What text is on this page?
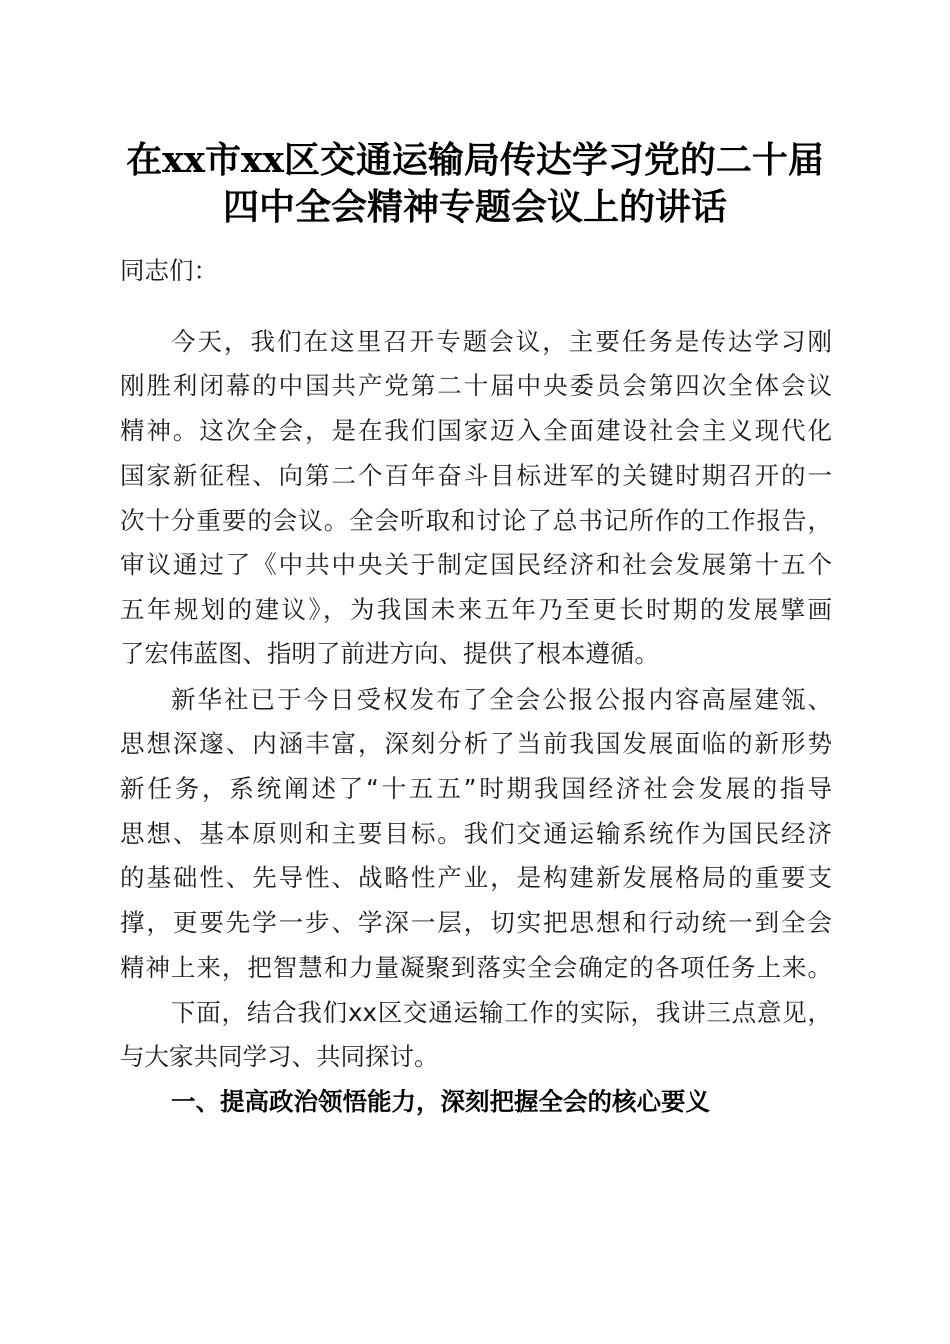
在xx市xx区交通运输局传达学习党的二十届
四中全会精神专题会议上的讲话
同志们：
今天，我们在这里召开专题会议，主要任务是传达学习刚
刚胜利闭幕的中国共产党第二十届中央委员会第四次全体会议
精神。这次全会，是在我们国家迈入全面建设社会主义现代化
国家新征程、向第二个百年奋斗目标进军的关键时期召开的一
次十分重要的会议。全会听取和讨论了总书记所作的工作报告，
审议通过了《中共中央关于制定国民经济和社会发展第十五个
五年规划的建议》，为我国未来五年乃至更长时期的发展擘画
了宏伟蓝图、指明了前进方向、提供了根本遵循。
新华社已于今日受权发布了全会公报公报内容高屋建瓴、
思想深邃、内涵丰富，深刻分析了当前我国发展面临的新形势
新任务，系统阐述了“十五五”时期我国经济社会发展的指导
思想、基本原则和主要目标。我们交通运输系统作为国民经济
的基础性、先导性、战略性产业，是构建新发展格局的重要支
撑，更要先学一步、学深一层，切实把思想和行动统一到全会
精神上来，把智慧和力量凝聚到落实全会确定的各项任务上来。
下面，结合我们xx区交通运输工作的实际，我讲三点意见，
与大家共同学习、共同探讨。
一、提高政治领悟能力，深刻把握全会的核心要义
